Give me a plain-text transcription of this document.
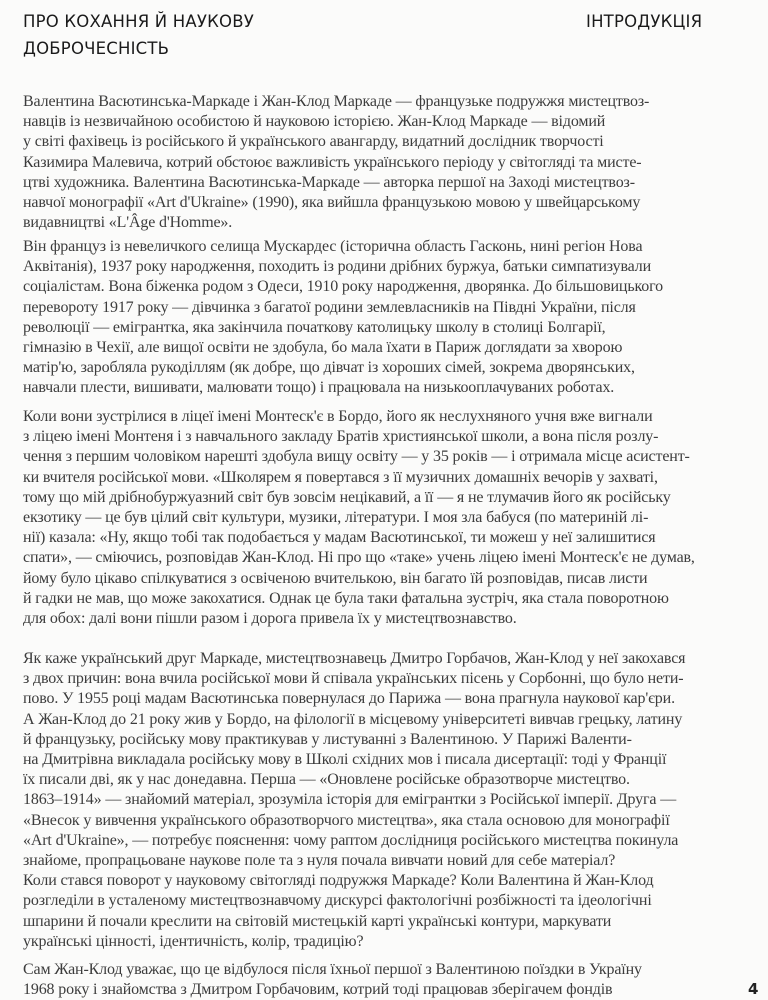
ПРО КОХАННЯ Й НАУКОВУ
ДОБРОЧЕСНІСТЬ
ІНТРОДУКЦІЯ
Валентина Васютинська-Маркаде і Жан-Клод Маркаде — французьке подружжя мистецтвоз-
навців із незвичайною особистою й науковою історією. Жан-Клод Маркаде — відомий
у світі фахівець із російського й українського авангарду, видатний дослідник творчості
Казимира Малевича, котрий обстоює важливість українського періоду у світогляді та мисте-
цтві художника. Валентина Васютинська-Маркаде — авторка першої на Заході мистецтвоз-
навчої монографії «Art d'Ukraine» (1990), яка вийшла французькою мовою у швейцарському
видавництві «L'Âge d'Homme».
Він француз із невеличкого селища Мускардес (історична область Гасконь, нині регіон Нова
Аквітанія), 1937 року народження, походить із родини дрібних буржуа, батьки симпатизували
соціалістам. Вона біженка родом з Одеси, 1910 року народження, дворянка. До більшовицького
перевороту 1917 року — дівчинка з багатої родини землевласників на Півдні України, після
революції — емігрантка, яка закінчила початкову католицьку школу в столиці Болгарії,
гімназію в Чехії, але вищої освіти не здобула, бо мала їхати в Париж доглядати за хворою
матір'ю, заробляла рукоділлям (як добре, що дівчат із хороших сімей, зокрема дворянських,
навчали плести, вишивати, малювати тощо) і працювала на низькооплачуваних роботах.
Коли вони зустрілися в ліцеї імені Монтеск'є в Бордо, його як неслухняного учня вже вигнали
з ліцею імені Монтеня і з навчального закладу Братів християнської школи, а вона після розлу-
чення з першим чоловіком нарешті здобула вищу освіту — у 35 років — і отримала місце асистент-
ки вчителя російської мови. «Школярем я повертався з її музичних домашніх вечорів у захваті,
тому що мій дрібнобуржуазний світ був зовсім нецікавий, а її — я не тлумачив його як російську
екзотику — це був цілий світ культури, музики, літератури. І моя зла бабуся (по материній лі-
нії) казала: «Ну, якщо тобі так подобається у мадам Васютинської, ти можеш у неї залишитися
спати», — сміючись, розповідав Жан-Клод. Ні про що «таке» учень ліцею імені Монтеск'є не думав,
йому було цікаво спілкуватися з освіченою вчителькою, він багато їй розповідав, писав листи
й гадки не мав, що може закохатися. Однак це була таки фатальна зустріч, яка стала поворотною
для обох: далі вони пішли разом і дорога привела їх у мистецтвознавство.
Як каже український друг Маркаде, мистецтвознавець Дмитро Горбачов, Жан-Клод у неї закохався
з двох причин: вона вчила російської мови й співала українських пісень у Сорбонні, що було нети-
пово. У 1955 році мадам Васютинська повернулася до Парижа — вона прагнула наукової кар'єри.
А Жан-Клод до 21 року жив у Бордо, на філології в місцевому університеті вивчав грецьку, латину
й французьку, російську мову практикував у листуванні з Валентиною. У Парижі Валенти-
на Дмитрівна викладала російську мову в Школі східних мов і писала дисертації: тоді у Франції
їх писали дві, як у нас донедавна. Перша — «Оновлене російське образотворче мистецтво.
1863–1914» — знайомий матеріал, зрозуміла історія для емігрантки з Російської імперії. Друга —
«Внесок у вивчення українського образотворчого мистецтва», яка стала основою для монографії
«Art d'Ukraine», — потребує пояснення: чому раптом дослідниця російського мистецтва покинула
знайоме, пропрацьоване наукове поле та з нуля почала вивчати новий для себе матеріал?
Коли стався поворот у науковому світогляді подружжя Маркаде? Коли Валентина й Жан-Клод
розгледіли в усталеному мистецтвознавчому дискурсі фактологічні розбіжності та ідеологічні
шпарини й почали креслити на світовій мистецькій карті українські контури, маркувати
українські цінності, ідентичність, колір, традицію?
Сам Жан-Клод уважає, що це відбулося після їхньої першої з Валентиною поїздки в Україну
1968 року і знайомства з Дмитром Горбачовим, котрий тоді працював зберігачем фондів	4
